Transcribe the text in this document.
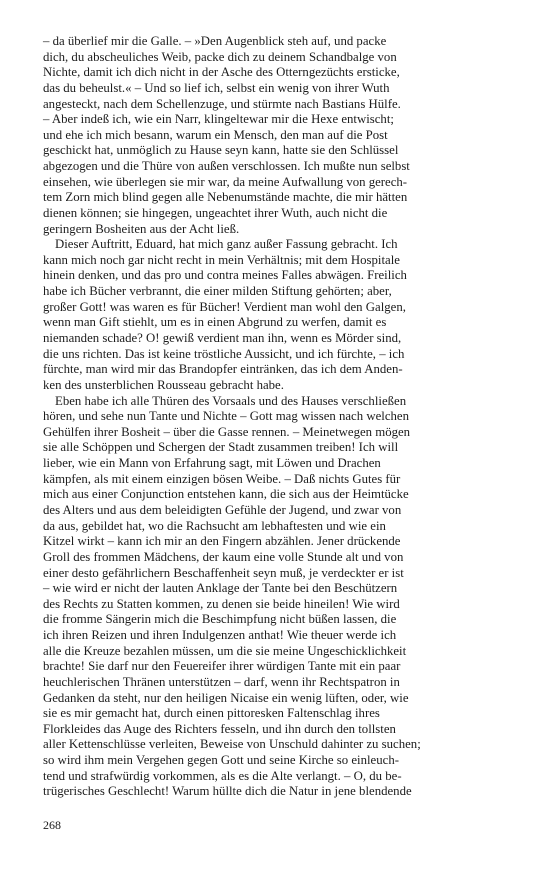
– da überlief mir die Galle. – »Den Augenblick steh auf, und packe
dich, du abscheuliches Weib, packe dich zu deinem Schandbalge von
Nichte, damit ich dich nicht in der Asche des Otterngezüchts ersticke,
das du beheulst.« – Und so lief ich, selbst ein wenig von ihrer Wuth
angesteckt, nach dem Schellenzuge, und stürmte nach Bastians Hülfe.
– Aber indeß ich, wie ein Narr, klingeltewar mir die Hexe entwischt;
und ehe ich mich besann, warum ein Mensch, den man auf die Post
geschickt hat, unmöglich zu Hause seyn kann, hatte sie den Schlüssel
abgezogen und die Thüre von außen verschlossen. Ich mußte nun selbst
einsehen, wie überlegen sie mir war, da meine Aufwallung von gerech-
tem Zorn mich blind gegen alle Nebenumstände machte, die mir hätten
dienen können; sie hingegen, ungeachtet ihrer Wuth, auch nicht die
geringern Bosheiten aus der Acht ließ.
Dieser Auftritt, Eduard, hat mich ganz außer Fassung gebracht. Ich
kann mich noch gar nicht recht in mein Verhältnis; mit dem Hospitale
hinein denken, und das pro und contra meines Falles abwägen. Freilich
habe ich Bücher verbrannt, die einer milden Stiftung gehörten; aber,
großer Gott! was waren es für Bücher! Verdient man wohl den Galgen,
wenn man Gift stiehlt, um es in einen Abgrund zu werfen, damit es
niemanden schade? O! gewiß verdient man ihn, wenn es Mörder sind,
die uns richten. Das ist keine tröstliche Aussicht, und ich fürchte, – ich
fürchte, man wird mir das Brandopfer eintränken, das ich dem Anden-
ken des unsterblichen Rousseau gebracht habe.
Eben habe ich alle Thüren des Vorsaals und des Hauses verschließen
hören, und sehe nun Tante und Nichte – Gott mag wissen nach welchen
Gehülfen ihrer Bosheit – über die Gasse rennen. – Meinetwegen mögen
sie alle Schöppen und Schergen der Stadt zusammen treiben! Ich will
lieber, wie ein Mann von Erfahrung sagt, mit Löwen und Drachen
kämpfen, als mit einem einzigen bösen Weibe. – Daß nichts Gutes für
mich aus einer Conjunction entstehen kann, die sich aus der Heimtücke
des Alters und aus dem beleidigten Gefühle der Jugend, und zwar von
da aus, gebildet hat, wo die Rachsucht am lebhaftesten und wie ein
Kitzel wirkt – kann ich mir an den Fingern abzählen. Jener drückende
Groll des frommen Mädchens, der kaum eine volle Stunde alt und von
einer desto gefährlichern Beschaffenheit seyn muß, je verdeckter er ist
– wie wird er nicht der lauten Anklage der Tante bei den Beschützern
des Rechts zu Statten kommen, zu denen sie beide hineilen! Wie wird
die fromme Sängerin mich die Beschimpfung nicht büßen lassen, die
ich ihren Reizen und ihren Indulgenzen anthat! Wie theuer werde ich
alle die Kreuze bezahlen müssen, um die sie meine Ungeschicklichkeit
brachte! Sie darf nur den Feuereifer ihrer würdigen Tante mit ein paar
heuchlerischen Thränen unterstützen – darf, wenn ihr Rechtspatron in
Gedanken da steht, nur den heiligen Nicaise ein wenig lüften, oder, wie
sie es mir gemacht hat, durch einen pittoresken Faltenschlag ihres
Florkleides das Auge des Richters fesseln, und ihn durch den tollsten
aller Kettenschlüsse verleiten, Beweise von Unschuld dahinter zu suchen;
so wird ihm mein Vergehen gegen Gott und seine Kirche so einleuch-
tend und strafwürdig vorkommen, als es die Alte verlangt. – O, du be-
trügerisches Geschlecht! Warum hüllte dich die Natur in jene blendende
268
